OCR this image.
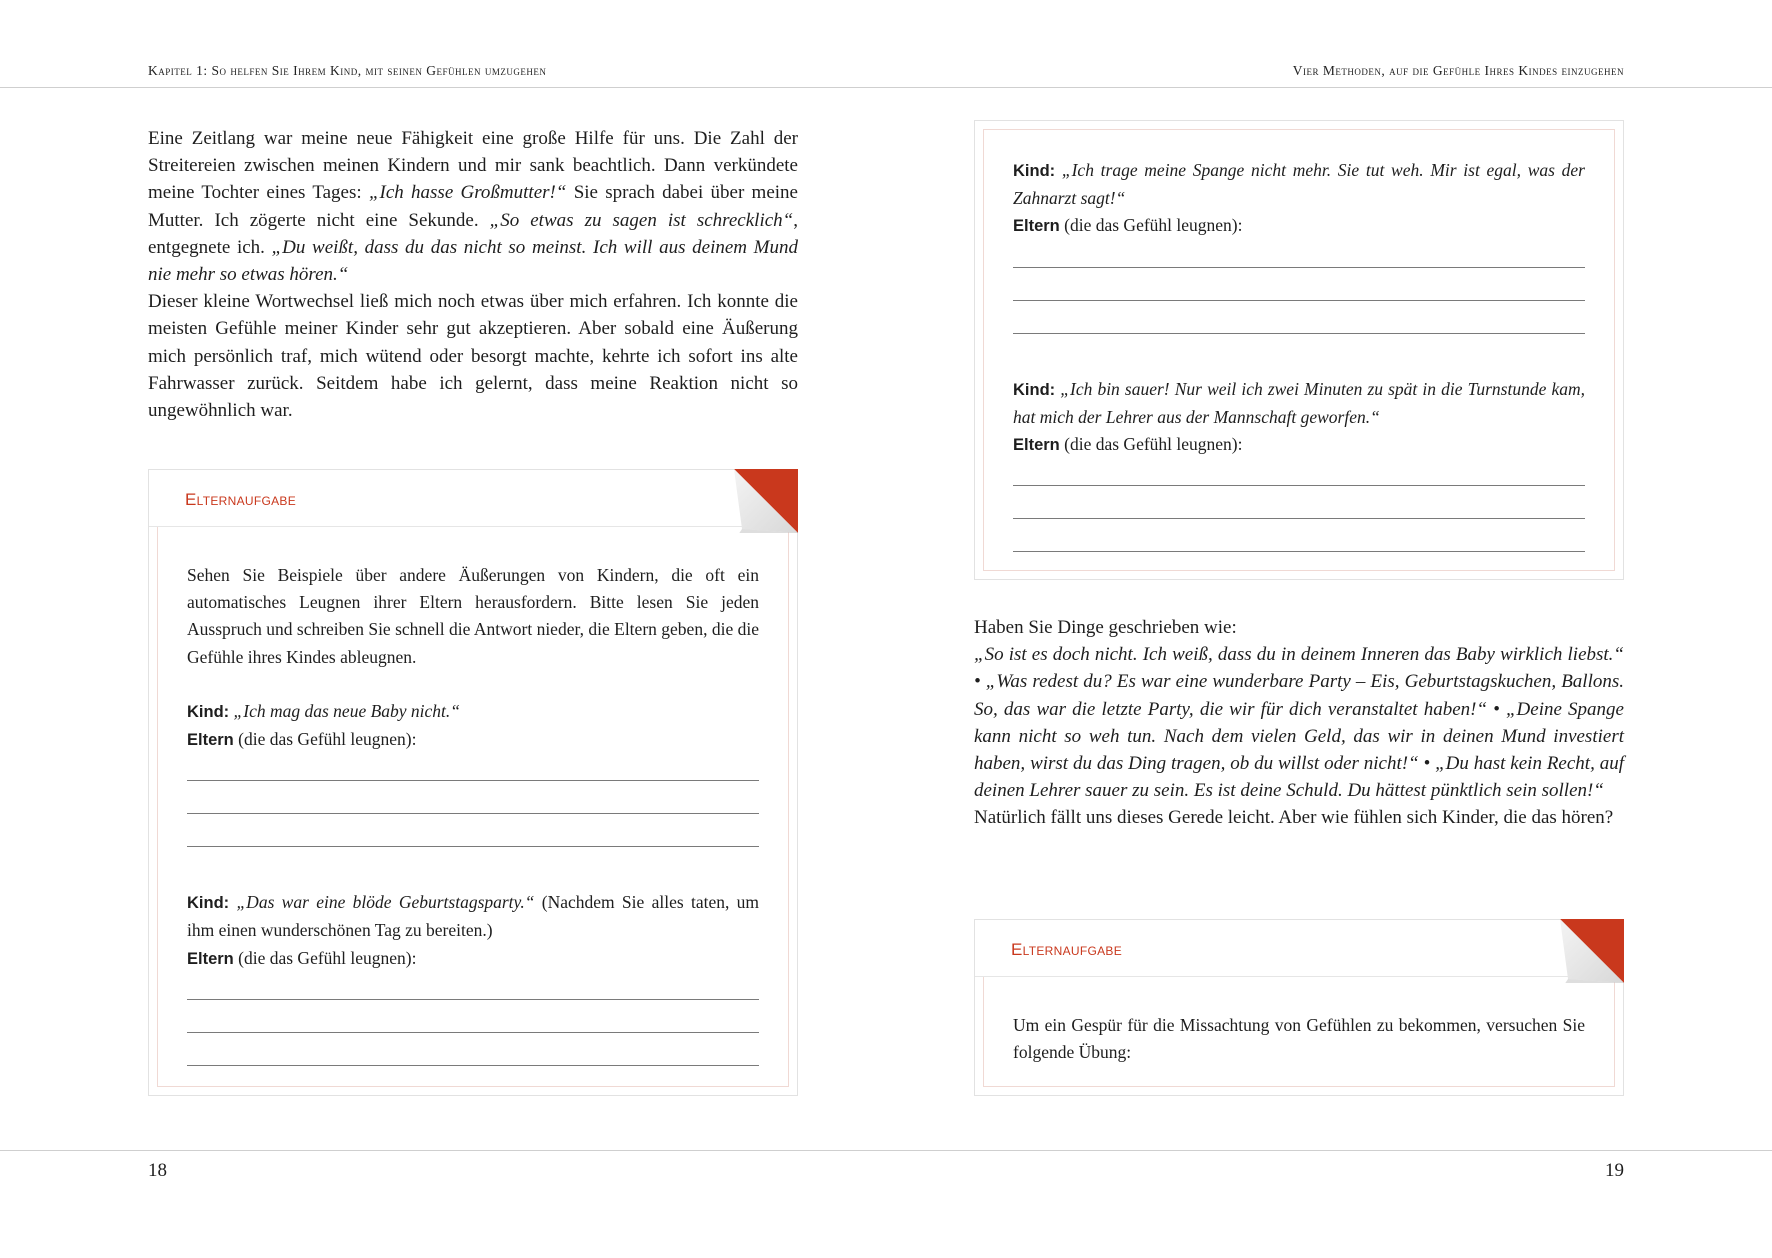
Kapitel 1: So helfen Sie Ihrem Kind, mit seinen Gefühlen umzugehen	Vier Methoden, auf die Gefühle Ihres Kindes einzugehen

Eine Zeitlang war meine neue Fähigkeit eine große Hilfe für uns. Die Zahl der Streitereien zwischen meinen Kindern und mir sank beachtlich. Dann verkündete meine Tochter eines Tages: „Ich hasse Großmutter!“ Sie sprach dabei über meine Mutter. Ich zögerte nicht eine Sekunde. „So etwas zu sagen ist schrecklich“, entgegnete ich. „Du weißt, dass du das nicht so meinst. Ich will aus deinem Mund nie mehr so etwas hören.“

Dieser kleine Wortwechsel ließ mich noch etwas über mich erfahren. Ich konnte die meisten Gefühle meiner Kinder sehr gut akzeptieren. Aber sobald eine Äußerung mich persönlich traf, mich wütend oder besorgt machte, kehrte ich sofort ins alte Fahrwasser zurück. Seitdem habe ich gelernt, dass meine Reaktion nicht so ungewöhnlich war.

Elternaufgabe

Sehen Sie Beispiele über andere Äußerungen von Kindern, die oft ein automatisches Leugnen ihrer Eltern herausfordern. Bitte lesen Sie jeden Ausspruch und schreiben Sie schnell die Antwort nieder, die Eltern geben, die die Gefühle ihres Kindes ableugnen.

Kind: „Ich mag das neue Baby nicht.“

Eltern (die das Gefühl leugnen):

Kind: „Das war eine blöde Geburtstagsparty.“ (Nachdem Sie alles taten, um ihm einen wunderschönen Tag zu bereiten.)

Eltern (die das Gefühl leugnen):

Kind: „Ich trage meine Spange nicht mehr. Sie tut weh. Mir ist egal, was der Zahnarzt sagt!“

Eltern (die das Gefühl leugnen):

Kind: „Ich bin sauer! Nur weil ich zwei Minuten zu spät in die Turnstunde kam, hat mich der Lehrer aus der Mannschaft geworfen.“

Eltern (die das Gefühl leugnen):

Haben Sie Dinge geschrieben wie:

„So ist es doch nicht. Ich weiß, dass du in deinem Inneren das Baby wirklich liebst.“ • „Was redest du? Es war eine wunderbare Party – Eis, Geburtstagskuchen, Ballons. So, das war die letzte Party, die wir für dich veranstaltet haben!“ • „Deine Spange kann nicht so weh tun. Nach dem vielen Geld, das wir in deinen Mund investiert haben, wirst du das Ding tragen, ob du willst oder nicht!“ • „Du hast kein Recht, auf deinen Lehrer sauer zu sein. Es ist deine Schuld. Du hättest pünktlich sein sollen!“

Natürlich fällt uns dieses Gerede leicht. Aber wie fühlen sich Kinder, die das hören?

Elternaufgabe

Um ein Gespür für die Missachtung von Gefühlen zu bekommen, versuchen Sie folgende Übung:

18	19
